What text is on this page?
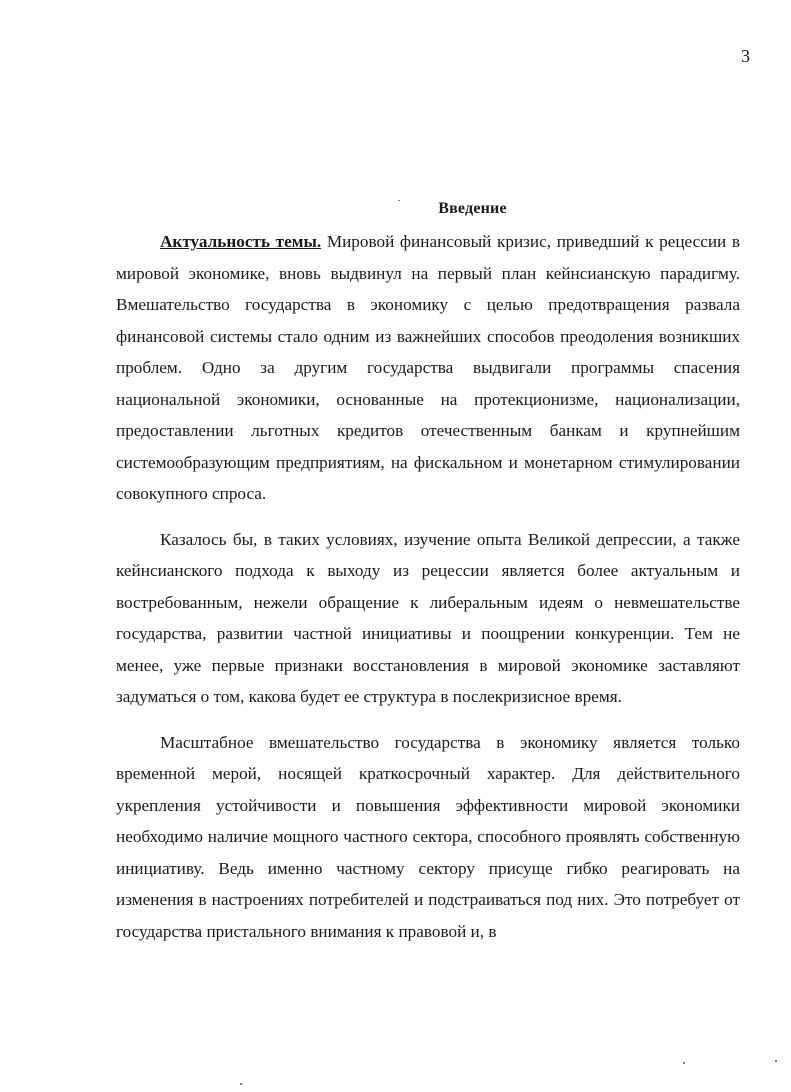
3
Введение

Актуальность темы. Мировой финансовый кризис, приведший к рецессии в мировой экономике, вновь выдвинул на первый план кейнсианскую парадигму. Вмешательство государства в экономику с целью предотвращения развала финансовой системы стало одним из важнейших способов преодоления возникших проблем. Одно за другим государства выдвигали программы спасения национальной экономики, основанные на протекционизме, национализации, предоставлении льготных кредитов отечественным банкам и крупнейшим системообразующим предприятиям, на фискальном и монетарном стимулировании совокупного спроса.

Казалось бы, в таких условиях, изучение опыта Великой депрессии, а также кейнсианского подхода к выходу из рецессии является более актуальным и востребованным, нежели обращение к либеральным идеям о невмешательстве государства, развитии частной инициативы и поощрении конкуренции. Тем не менее, уже первые признаки восстановления в мировой экономике заставляют задуматься о том, какова будет ее структура в послекризисное время.

Масштабное вмешательство государства в экономику является только временной мерой, носящей краткосрочный характер. Для действительного укрепления устойчивости и повышения эффективности мировой экономики необходимо наличие мощного частного сектора, способного проявлять собственную инициативу. Ведь именно частному сектору присуще гибко реагировать на изменения в настроениях потребителей и подстраиваться под них. Это потребует от государства пристального внимания к правовой и, в
